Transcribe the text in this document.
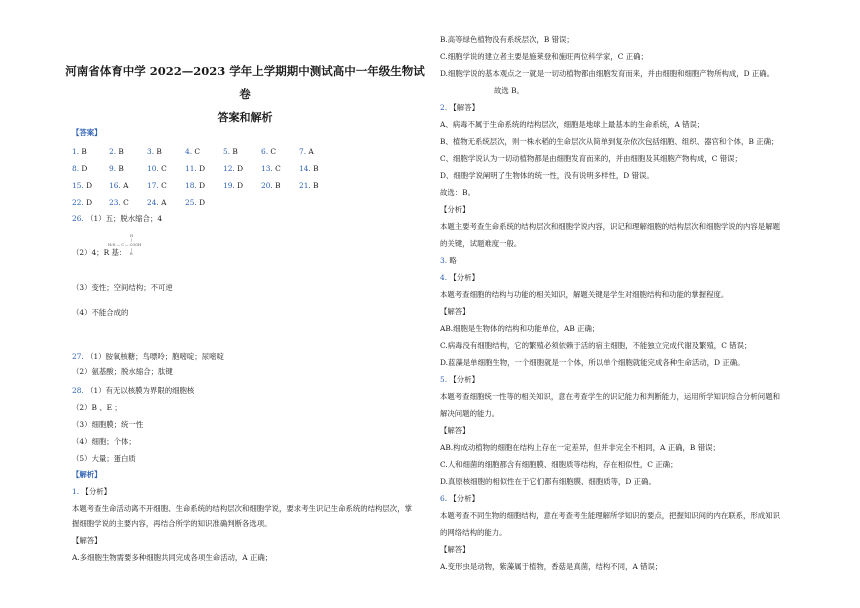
河南省体育中学 2022—2023 学年上学期期中测试高中一年级生物试
卷
答案和解析
【答案】
1. B	2. B	3. B	4. C	5. B	6. C	7. A
8. D	9. B	10. C 11. D 12. D 13. C 14. B
15. D 16. A	17. C 18. D 19. D 20. B 21. B
22. D 23. C 24. A	25. D
26. （1）五；脱水缩合；4
（2）4；R 基：
H
|
H₂N — C — COOH
|
R
（3）变性；空间结构；不可逆
（4）不能合成的
27. （1）胺氧核糖；鸟嘌呤；胞嘧啶；尿嘧啶
（2）氨基酸；脱水缩合；肽键
28. （1）有无以核膜为界限的细胞核
（2）B 、E ；
（3）细胞膜；统一性
（4）细胞；个体；
（5）大量；蛋白质
【解析】
1. 【分析】
本题考查生命活动离不开细胞、生命系统的结构层次和细胞学说，要求考生识记生命系统的结构层次，掌
握细胞学说的主要内容，再结合所学的知识准确判断各选项。
【解答】
A.多细胞生物需要多种细胞共同完成各项生命活动，A 正确；
B.高等绿色植物没有系统层次，B 错误；
C.细胞学说的建立者主要是施莱登和施旺两位科学家，C 正确；
D.细胞学说的基本观点之一就是一切动植物都由细胞发育而来，并由细胞和细胞产物所构成，D 正确。
故选 B。
2. 【解答】
A、病毒不属于生命系统的结构层次，细胞是地球上最基本的生命系统，A 错误；
B、植物无系统层次，则一株水稻的生命层次从简单到复杂依次包括细胞、组织、器官和个体，B 正确；
C、细胞学说认为一切动植物都是由细胞发育而来的，并由细胞及其细胞产物构成，C 错误；
D、细胞学说阐明了生物体的统一性，没有说明多样性，D 错误。
故选：B。
【分析】
本题主要考查生命系统的结构层次和细胞学说内容，识记和理解细胞的结构层次和细胞学说的内容是解题
的关键，试题难度一般。
3. 略
4. 【分析】
本题考查细胞的结构与功能的相关知识，解题关键是学生对细胞结构和功能的掌握程度。
【解答】
AB.细胞是生物体的结构和功能单位，AB 正确；
C.病毒没有细胞结构，它的繁殖必须依赖于活的宿主细胞，不能独立完成代谢及繁殖，C 错误；
D.蓝藻是单细胞生物，一个细胞就是一个体，所以单个细胞就能完成各种生命活动，D 正确。
5. 【分析】
本题考查细胞统一性等的相关知识，意在考查学生的识记能力和判断能力，运用所学知识综合分析问题和
解决问题的能力。
【解答】
AB.构成动植物的细胞在结构上存在一定差异，但并非完全不相同，A 正确，B 错误；
C.人和细菌的细胞都含有细胞膜、细胞质等结构，存在相似性，C 正确；
D.真原核细胞的相似性在于它们都有细胞膜、细胞质等，D 正确。
6. 【分析】
本题考查不同生物的细胞结构，意在考查考生能理解所学知识的要点，把握知识间的内在联系，形成知识
的网络结构的能力。
【解答】
A.变形虫是动物，紫藻属于植物，香菇是真菌，结构不同，A 错误；
